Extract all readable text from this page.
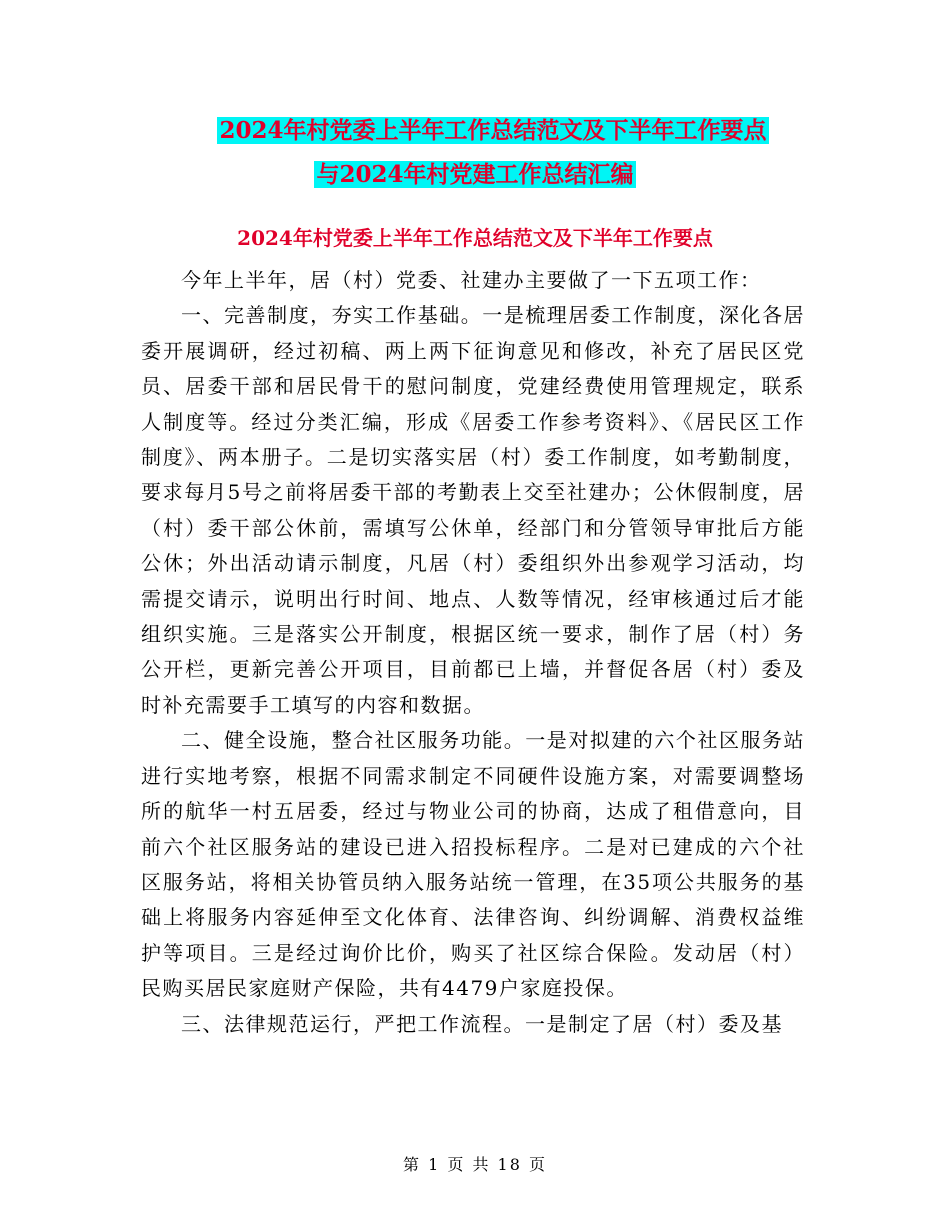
2024年村党委上半年工作总结范文及下半年工作要点
与2024年村党建工作总结汇编
2024年村党委上半年工作总结范文及下半年工作要点

今年上半年，居（村）党委、社建办主要做了一下五项工作：

一、完善制度，夯实工作基础。一是梳理居委工作制度，深化各居委开展调研，经过初稿、两上两下征询意见和修改，补充了居民区党员、居委干部和居民骨干的慰问制度，党建经费使用管理规定，联系人制度等。经过分类汇编，形成《居委工作参考资料》、《居民区工作制度》、两本册子。二是切实落实居（村）委工作制度，如考勤制度，要求每月5号之前将居委干部的考勤表上交至社建办；公休假制度，居（村）委干部公休前，需填写公休单，经部门和分管领导审批后方能公休；外出活动请示制度，凡居（村）委组织外出参观学习活动，均需提交请示，说明出行时间、地点、人数等情况，经审核通过后才能组织实施。三是落实公开制度，根据区统一要求，制作了居（村）务公开栏，更新完善公开项目，目前都已上墙，并督促各居（村）委及时补充需要手工填写的内容和数据。

二、健全设施，整合社区服务功能。一是对拟建的六个社区服务站进行实地考察，根据不同需求制定不同硬件设施方案，对需要调整场所的航华一村五居委，经过与物业公司的协商，达成了租借意向，目前六个社区服务站的建设已进入招投标程序。二是对已建成的六个社区服务站，将相关协管员纳入服务站统一管理，在35项公共服务的基础上将服务内容延伸至文化体育、法律咨询、纠纷调解、消费权益维护等项目。三是经过询价比价，购买了社区综合保险。发动居（村）民购买居民家庭财产保险，共有4479户家庭投保。

三、法律规范运行，严把工作流程。一是制定了居（村）委及基

第 1 页 共 18 页
